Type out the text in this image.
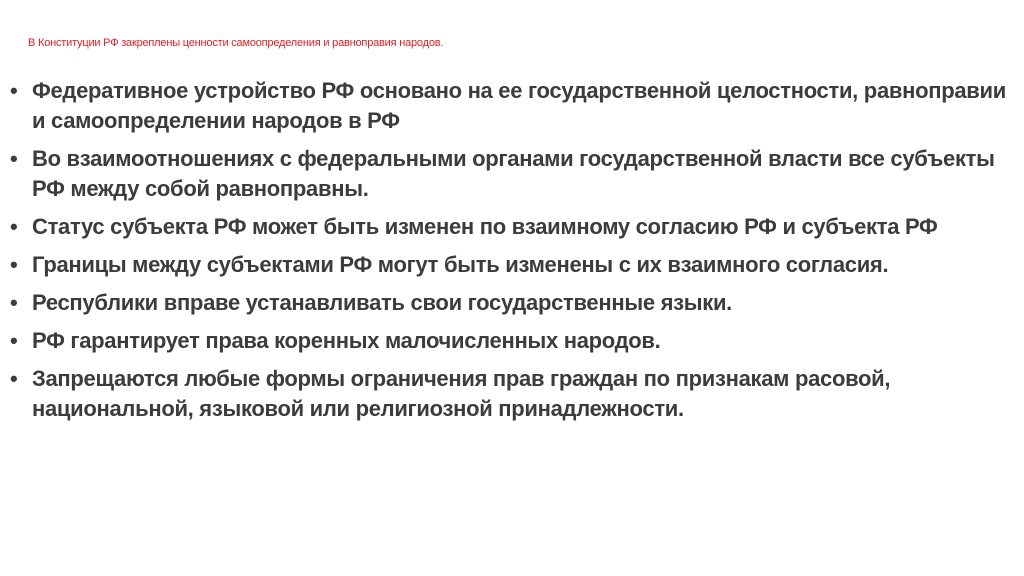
В Конституции РФ закреплены ценности самоопределения и равноправия народов.
• Федеративное устройство РФ основано на ее государственной целостности, равноправии и самоопределении народов в РФ
• Во взаимоотношениях с федеральными органами государственной власти все субъекты РФ между собой равноправны.
• Статус субъекта РФ может быть изменен по взаимному согласию РФ и субъекта РФ
• Границы между субъектами РФ могут быть изменены с их взаимного согласия.
• Республики вправе устанавливать свои государственные языки.
• РФ гарантирует права коренных малочисленных народов.
• Запрещаются любые формы ограничения прав граждан по признакам расовой, национальной, языковой или религиозной принадлежности.
